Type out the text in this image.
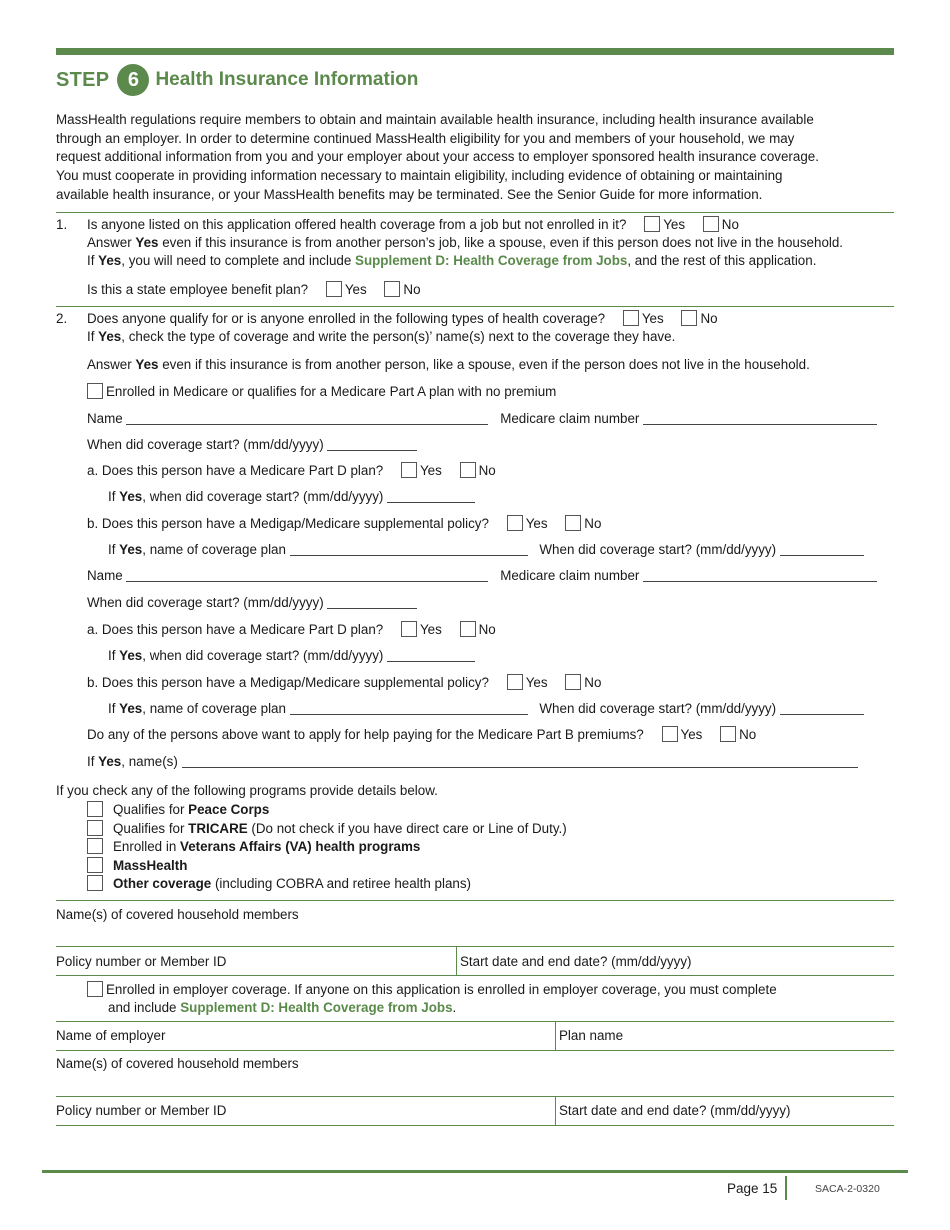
STEP 6 Health Insurance Information
MassHealth regulations require members to obtain and maintain available health insurance, including health insurance available
through an employer. In order to determine continued MassHealth eligibility for you and members of your household, we may
request additional information from you and your employer about your access to employer sponsored health insurance coverage.
You must cooperate in providing information necessary to maintain eligibility, including evidence of obtaining or maintaining
available health insurance, or your MassHealth benefits may be terminated. See the Senior Guide for more information.
1. Is anyone listed on this application offered health coverage from a job but not enrolled in it?	Yes	No
Answer Yes even if this insurance is from another person’s job, like a spouse, even if this person does not live in the household.
If Yes, you will need to complete and include Supplement D: Health Coverage from Jobs, and the rest of this application.
Is this a state employee benefit plan?	Yes	No
2. Does anyone qualify for or is anyone enrolled in the following types of health coverage?	Yes	No
If Yes, check the type of coverage and write the person(s)’ name(s) next to the coverage they have.
Answer Yes even if this insurance is from another person, like a spouse, even if the person does not live in the household.
Enrolled in Medicare or qualifies for a Medicare Part A plan with no premium
Name	Medicare claim number
When did coverage start? (mm/dd/yyyy)
a. Does this person have a Medicare Part D plan?	Yes	No
If Yes, when did coverage start? (mm/dd/yyyy)
b. Does this person have a Medigap/Medicare supplemental policy?	Yes	No
If Yes, name of coverage plan	When did coverage start? (mm/dd/yyyy)
Name	Medicare claim number
When did coverage start? (mm/dd/yyyy)
a. Does this person have a Medicare Part D plan?	Yes	No
If Yes, when did coverage start? (mm/dd/yyyy)
b. Does this person have a Medigap/Medicare supplemental policy?	Yes	No
If Yes, name of coverage plan	When did coverage start? (mm/dd/yyyy)
Do any of the persons above want to apply for help paying for the Medicare Part B premiums?	Yes	No
If Yes, name(s)
If you check any of the following programs provide details below.
Qualifies for Peace Corps
Qualifies for TRICARE (Do not check if you have direct care or Line of Duty.)
Enrolled in Veterans Affairs (VA) health programs
MassHealth
Other coverage (including COBRA and retiree health plans)
Name(s) of covered household members
Policy number or Member ID	Start date and end date? (mm/dd/yyyy)
Enrolled in employer coverage. If anyone on this application is enrolled in employer coverage, you must complete
and include Supplement D: Health Coverage from Jobs.
Name of employer	Plan name
Name(s) of covered household members
Policy number or Member ID	Start date and end date? (mm/dd/yyyy)
Page 15	SACA-2-0320
